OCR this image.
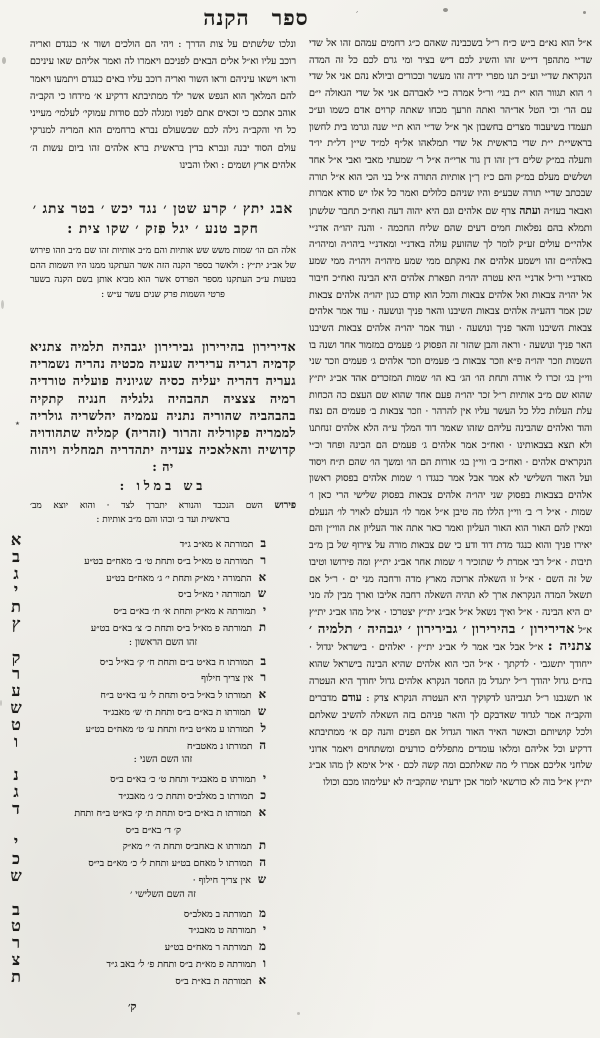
ספר הקנה	׳
א״ל הוא נא״ם ב״ש כ״ח ר״ל בשכבינה שאהם כ״ג רחמים עמהם זהו אל שדי שד״י מתהפך די״ש זהו והשיג לכם דיש בציר ומי גרם לכם כל זה המדה הנקראת שד״י וע״כ תנו מפרי ידיה זהו מעשר ובכורים וביולא נהם אני אל שדי ו׳ הוא תגוור הוא י״ת בגי׳ ור״ל אמרה כ״י לאברהם אני אל שדי הגאולה י״ם עם הר׳ וכי הטל אד״הר ואתה וזרעך מכחו שאתה קרוים אדם כשמו וע״כ תעמדו בשיעבוד מצרים בחשבון אך א״ל שד״י הוא ת״י שנה וגרמו בית לחשון בראשי״ת י״ת שדי בראשית אל שדי תמלאהו אל״ף למ״ד שי״ן דל״ת יו״ד ותעלה במ״ק שלים ד״ן זהו דן גור ארי״ה א״ל ר׳ שמעתי מאבי ואבי א״ל אחד ושלשים מעלם במ״ק והם כ״ז ך״ן אותיות התורה א״ל בני הכי הוא א״ל תורה שבכתב שד״י תורה שבע״פ והיו שניהם כלולים ואמר כל אלו יש סודא אמרות ואבאר בעז״ה ועתה צרף שם אלהים וגם היא יהוה דעה ואח״כ תחבר שלשתן ותמלא בהם נפלאות חמים דעים שהם שליח החכמה · והנה יהו״ה אדנ״י אלהי״ם עולים זע״ק לומר לך שהזועק עולה באדנ״י ומאדנ״י ביהו״ה ומיהו״ה באלהי״ם זהו וישמע אלהים את נאקתם ממי שמע מיהו״ה ויהו״ה ממי שמע מאדנ״י ור״ל אדנ״י היא עטרה יהו״ה תפארת אלהים היא הבינה ואח״כ חיבור אל יהו״ה צבאות ואל אלהים צבאות והכל הוא קודם כגון יהו״ה אלהים צבאות שכן אמר דהע״ה אלהים צבאות השיבנו והאר פניך ונושעה · עוד אמר אלהים צבאות השיבנו והאר פניך ונושעה · ועוד אמר יהו״ה אלהים צבאות השיבנו האר פניך ונושעה · וראה והבן שהזר זה הפסוק ג׳ פעמים במזמור אחד ושנה בו השמות וזכר יהו״ה פ״א וזכר צבאות ב׳ פעמים וזכר אלהים ג׳ פעמים וזכר שני ווי״ן בג׳ זכרו לי אורה ותחת הו׳ הג׳ בא הו׳ שמות המזכרים אהד אב״ג ית״ץ שהוא שם מ״ב אותיות ר״ל זכר יהו״ה פעם אחד שהוא שם העצם כה הכחות עלת העלות כלל כל העשר עליו אין להרהר · וזכר צבאות ב׳ פעמים הם נצח והוד ואלהים שהבינה עליהם שזהו שאמר דוד המלך ע״ה הלא אלהים זנחתנו ולא תצא בצבאותינו · ואח״כ אמר אלהים ג׳ פעמים הם הבינה ופחד וכ״י הנקראים אלהים · ואח״כ ב׳ ווי״ן בג׳ אורות הם הו׳ ומשך הו׳ שהם ת״ח ויסוד ועל האור השלישי לא אמר אבל אמר כנגדו ו׳ שמות אלהים בפסוק ראשון אלהים בצבאות בפסוק שני יהו״ה אלהים צבאות בפסוק שלישי הרי כאן ו׳ שמות · א״ל ר׳ ב׳ ווי״ן הללו מה טיבן א״ל אמר לו׳ הנעלם לאויר לו׳ הנעלם ומאין להם האור הוא האור העליון ואמר כאר אתה אור העליון את הווי״ן והם יאירו פניך והוא כנגד מדת דוד ודע כי שם צבאות מורה על צירוף של בן מ״ב תיבות · א״ל רבי אמרת לי שתזכיר ו׳ שמות אחר אב״ג ית״ץ ומה פירושו וטיבו של זה השם · א״ל זו השאלה ארוכה מארץ מדה ורחבה מני ים · ר״ל אם תשאל המדה הנקראת ארך לא תהיה השאלה רחבה אליבו וארך מבין לה מני ים היא הבינה · א״ל ואיך נשאל א״ל אב״ג ית״ץ יצטרכו · א״ל מהו אב״ג ית״ץ א״ל אדירירון ׳ בהירירון ׳ גבירירון ׳ יגבהיה ׳ תלמיה ׳ צתניה : א״ל אבל אבי אמר לי אב״ג ית״ץ · יאלהים · בישראל יגדול · ייחודך יתשגבי · לדקתך · א״ל הכי הוא אלהים שהיא הבינה בישראל שהוא בח״ם גדול יהודך ר״ל יתגדל מן החסד הנקרא אלהים גדול יחודך היא העטרה או תשגבנו ר״ל תגביהנו לדקוקיך היא העטרה הנקרא צדק : עודם מדברים והקב״ה אמר לגדוד שאדבקם לך והאר פניהם בזה השאלה להשיב שאלתם ולכל קושיותם וכאשר האיר האור הגדול אם הפנים והנה קם א׳ ממתיבתא דרקיע וכל אליהם ומלאו עומדים מתפללים כורעים ומשתחוים ויאמר אדוני שלחני אליכם אמרו לי מה שאלתכם ומה קשה לכם · א״ל אימא לן מהו אב״ג ית״ץ א״ל בוה לא כורשאי לומר אכן ידעתי שהקב״ה לא יעלימהו מכם וכולו
ונלכו שלשתים על צות הדרך : ויהי הם הולכים ושור א׳ כנגדם ואריה רוכב עליו וא״ל אלים הבאים לפניכם ויאמרו לה ואמר אליהם שאו עיניכם וראו וישאו עיניהם וראו השור ואריה רוכב עליו באים כנגדם ויתמעו ויאמר להם המלאך הוא הנפש אשר ילד ממתיבתא דרקיע א׳ מידחו כי הקב״ה אוהב אתכם כי זכאים אתם לפניו ומגלה לכם סודות עמוקי׳ לעלמי׳ מעייני כל חי והקב״ה גילה לכם שבשעולם נברא ברחמים הוא המריה למנרקי עולם הסוד יבנה ונברא בדין בראשית ברא אלהים זהו ביום עשות ה׳ אלהים ארץ ושמים : ואלו והבינו
אבג יתץ ׳ קרע שטן ׳ נגד יכש ׳ בטר צתג ׳
חקב טנע ׳ יגל פזק ׳ שקו צית :
אלה הם הו׳ שמות משש שש אותיות והם מ״ב אותיות זהו שם מ״ב וזהו פירוש של אב״ג ית״ץ : ולאשר בספר הקנה הזה אשר העתקנו ממנו היו השמות ההם בטעות ע״כ העתקנו מספר הפרדס אשר הוא מביא אותן בשם הקנה בשער פרטי השמות פרק שנים עשר ע״ש :
אדירירון בהירירון גבירירון יגבהיה תלמיה צתניא קדמיה רגריה עריריה שגעיה מכטיה נהריה נשמריה געריה דהריה יעליה כסיה שגיוניה פועליה טורדיה רמיה צצציה תהבהיה גלגליה חנגיה קתקיה בהבהביה שהוריה נתניה עממיה יהלשריה גולריה לממריה פקורליה זהרור (זהריה) קמליה שתהודויה קדושיה והאלאכיה צעדיה יתהדריה תמחליה ויהוה יה :
בש במלו :
פירוש השם הנכבד והנורא יתברך לצד · והוא יוצא מב׳
בראשית ועד ב׳ ובהו והם מ״ב אותיות :
א	בתמורתה א מא״ב ג״ד
ב	רתמורתה ט מא״ל ב״ס ותחת ט׳ ב׳ מאח״ם בט״ע
ג	אהתמורה י מא״ק ותחת י׳ ג׳ מאח״ם בט״ע
י	שתמורתה י מא״ל ב״ס
ת	יתמורתה א מא״ק ותחת א׳ ת׳ בא״ם ב״ס
ץ	תתמורתה פ מא״ל ב״ס ותחת כ׳ צ׳ בא״ם בט״ע
זהו השם הראשון :
ק	בתמורתו ח בא״ט ב״ם ותחת ח׳ ק׳ בא״ל ב״ס
ר	ראין צריך חילוף
ע	אתמורתו ל בא״ל ב״ס ותחת ל׳ ע׳ בא״ט ב״ח
ש	שתמורתו ת בא״ם ב״ס ותחת ת׳ ש׳ מאבג״ד
ט	לתמורתו ע מא״ט ב״ח ותחת ע׳ ט׳ מאח״ם בט״ע
ו	התמורתו נ מאטב״ח
זהו השם השני :
נ	יתמורתו ם מאבג״ד ותחת ט׳ כ׳ בא״ם ב״ס
ג	כתמורתו ב מאלב״ס ותחת כ׳ ג׳ מאבג״ד
ד	אתמורתו ת בא״ם ב״ס ותחת ת׳ ק׳ בא״ט ב״ח ותחת
ק׳ ד׳ בא״ם ב״ס
י	תתמורתו א באחב״ס ותחת ה׳ י׳ מא״ק
כ	התמורתו ל מאחם בט״ע ותחת ל׳ כ׳ מא״ם בי״ס
ש	שאין צריך חילוף ·
זה השם השלישי ׳
ב	מתמורתה ב מאלב״ס
ט	יתמורתה ט מאבג״ד
ר	מתמורתה ר מאח״ם בט״ע
צ	ותמורתה פ מא״ת ב״ס ותחת פ׳ ל׳ באב ג״ד
ת	אתמורתה ת בא״ת ב״ס
ק׳
٭
